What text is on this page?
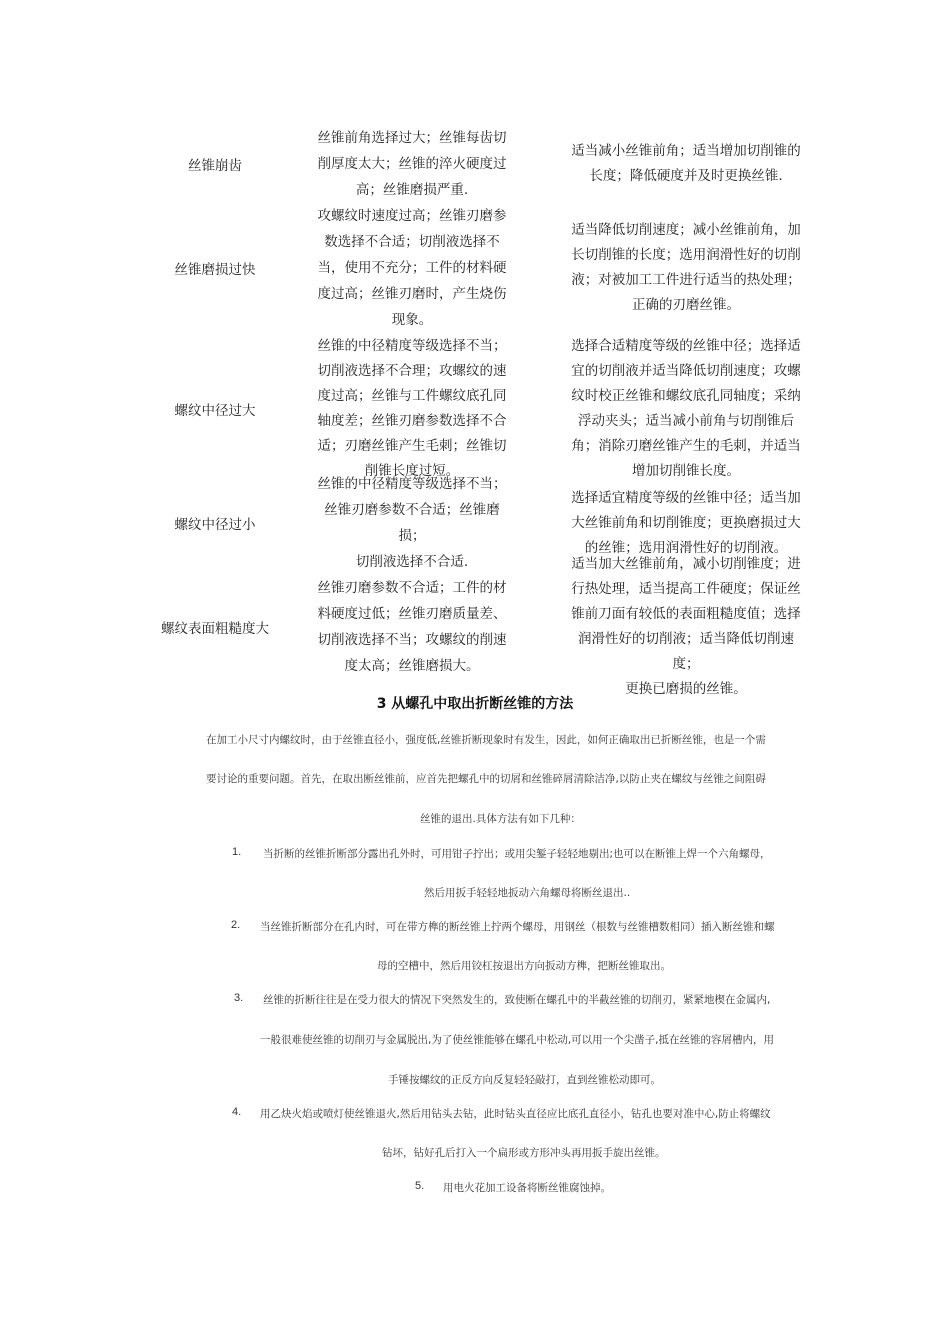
丝锥崩齿
丝锥前角选择过大；丝锥每齿切
削厚度太大；丝锥的淬火硬度过
高；丝锥磨损严重.
适当减小丝锥前角；适当增加切削锥的
长度；降低硬度并及时更换丝锥.
丝锥磨损过快
攻螺纹时速度过高；丝锥刃磨参
数选择不合适；切削液选择不
当，使用不充分；工件的材料硬
度过高；丝锥刃磨时，产生烧伤
现象。
适当降低切削速度；减小丝锥前角，加
长切削锥的长度；选用润滑性好的切削
液；对被加工工件进行适当的热处理；
正确的刃磨丝锥。
螺纹中径过大
丝锥的中径精度等级选择不当；
切削液选择不合理；攻螺纹的速
度过高；丝锥与工件螺纹底孔同
轴度差；丝锥刃磨参数选择不合
适；刃磨丝锥产生毛刺；丝锥切
削锥长度过短。
选择合适精度等级的丝锥中径；选择适
宜的切削液并适当降低切削速度；攻螺
纹时校正丝锥和螺纹底孔同轴度；采纳
浮动夹头；适当减小前角与切削锥后
角；消除刃磨丝锥产生的毛刺，并适当
增加切削锥长度。
螺纹中径过小
丝锥的中径精度等级选择不当；
丝锥刃磨参数不合适；丝锥磨损；
切削液选择不合适.
选择适宜精度等级的丝锥中径；适当加
大丝锥前角和切削锥度；更换磨损过大
的丝锥；选用润滑性好的切削液。
螺纹表面粗糙度大
丝锥刃磨参数不合适；工件的材
料硬度过低；丝锥刃磨质量差、
切削液选择不当；攻螺纹的削速
度太高；丝锥磨损大。
适当加大丝锥前角，减小切削锥度；进
行热处理，适当提高工件硬度；保证丝
锥前刀面有较低的表面粗糙度值；选择
润滑性好的切削液；适当降低切削速度；
更换已磨损的丝锥。
3 从螺孔中取出折断丝锥的方法
在加工小尺寸内螺纹时，由于丝锥直径小，强度低,丝锥折断现象时有发生，因此，如何正确取出已折断丝锥，也是一个需
要讨论的重要问题。首先，在取出断丝锥前，应首先把螺孔中的切屑和丝锥碎屑清除洁净,以防止夹在螺纹与丝锥之间阻碍
丝锥的退出.具体方法有如下几种：
1. 当折断的丝锥折断部分露出孔外时，可用钳子拧出；或用尖錾子轻轻地剔出;也可以在断锥上焊一个六角螺母，
然后用扳手轻轻地扳动六角螺母将断丝退出..
2. 当丝锥折断部分在孔内时，可在带方榫的断丝锥上拧两个螺母，用钢丝（根数与丝锥槽数相同）插入断丝锥和螺
母的空槽中，然后用铰杠按退出方向扳动方榫，把断丝锥取出。
3. 丝锥的折断往往是在受力很大的情况下突然发生的，致使断在螺孔中的半截丝锥的切削刃，紧紧地楔在金属内,
一般很难使丝锥的切削刃与金属脱出,为了使丝锥能够在螺孔中松动,可以用一个尖凿子,抵在丝锥的容屑槽内，用
手锤按螺纹的正反方向反复轻轻敲打，直到丝锥松动即可。
4. 用乙炔火焰或喷灯使丝锥退火,然后用钻头去钻，此时钻头直径应比底孔直径小，钻孔也要对准中心,防止将螺纹
钻坏，钻好孔后打入一个扁形或方形冲头再用扳手旋出丝锥。
5. 用电火花加工设备将断丝锥腐蚀掉。
